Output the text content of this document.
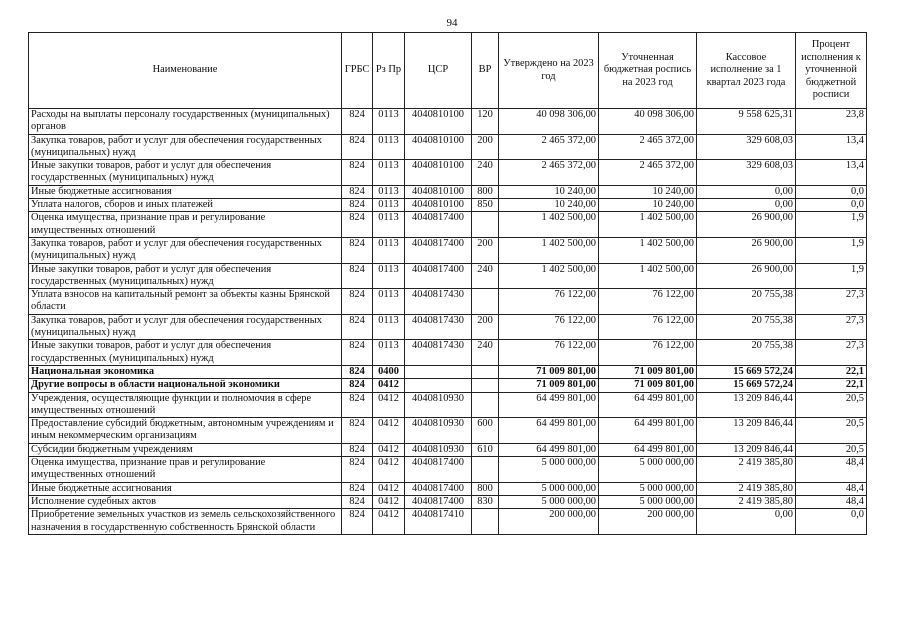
94
Наименование	ГРБС	Рз Пр	ЦСР	ВР	Утверждено на 2023 год	Уточненная бюджетная роспись на 2023 год	Кассовое исполнение за 1 квартал 2023 года	Процент исполнения к уточненной бюджетной росписи
Расходы на выплаты персоналу государственных (муниципальных) органов	824	0113	4040810100	120	40 098 306,00	40 098 306,00	9 558 625,31	23,8
Закупка товаров, работ и услуг для обеспечения государственных (муниципальных) нужд	824	0113	4040810100	200	2 465 372,00	2 465 372,00	329 608,03	13,4
Иные закупки товаров, работ и услуг для обеспечения государственных (муниципальных) нужд	824	0113	4040810100	240	2 465 372,00	2 465 372,00	329 608,03	13,4
Иные бюджетные ассигнования	824	0113	4040810100	800	10 240,00	10 240,00	0,00	0,0
Уплата налогов, сборов и иных платежей	824	0113	4040810100	850	10 240,00	10 240,00	0,00	0,0
Оценка имущества, признание прав и регулирование имущественных отношений	824	0113	4040817400		1 402 500,00	1 402 500,00	26 900,00	1,9
Закупка товаров, работ и услуг для обеспечения государственных (муниципальных) нужд	824	0113	4040817400	200	1 402 500,00	1 402 500,00	26 900,00	1,9
Иные закупки товаров, работ и услуг для обеспечения государственных (муниципальных) нужд	824	0113	4040817400	240	1 402 500,00	1 402 500,00	26 900,00	1,9
Уплата взносов на капитальный ремонт за объекты казны Брянской области	824	0113	4040817430		76 122,00	76 122,00	20 755,38	27,3
Закупка товаров, работ и услуг для обеспечения государственных (муниципальных) нужд	824	0113	4040817430	200	76 122,00	76 122,00	20 755,38	27,3
Иные закупки товаров, работ и услуг для обеспечения государственных (муниципальных) нужд	824	0113	4040817430	240	76 122,00	76 122,00	20 755,38	27,3
Национальная экономика	824	0400			71 009 801,00	71 009 801,00	15 669 572,24	22,1
Другие вопросы в области национальной экономики	824	0412			71 009 801,00	71 009 801,00	15 669 572,24	22,1
Учреждения, осуществляющие функции и полномочия в сфере имущественных отношений	824	0412	4040810930		64 499 801,00	64 499 801,00	13 209 846,44	20,5
Предоставление субсидий бюджетным, автономным учреждениям и иным некоммерческим организациям	824	0412	4040810930	600	64 499 801,00	64 499 801,00	13 209 846,44	20,5
Субсидии бюджетным учреждениям	824	0412	4040810930	610	64 499 801,00	64 499 801,00	13 209 846,44	20,5
Оценка имущества, признание прав и регулирование имущественных отношений	824	0412	4040817400		5 000 000,00	5 000 000,00	2 419 385,80	48,4
Иные бюджетные ассигнования	824	0412	4040817400	800	5 000 000,00	5 000 000,00	2 419 385,80	48,4
Исполнение судебных актов	824	0412	4040817400	830	5 000 000,00	5 000 000,00	2 419 385,80	48,4
Приобретение земельных участков из земель сельскохозяйственного назначения в государственную собственность Брянской области	824	0412	4040817410		200 000,00	200 000,00	0,00	0,0
